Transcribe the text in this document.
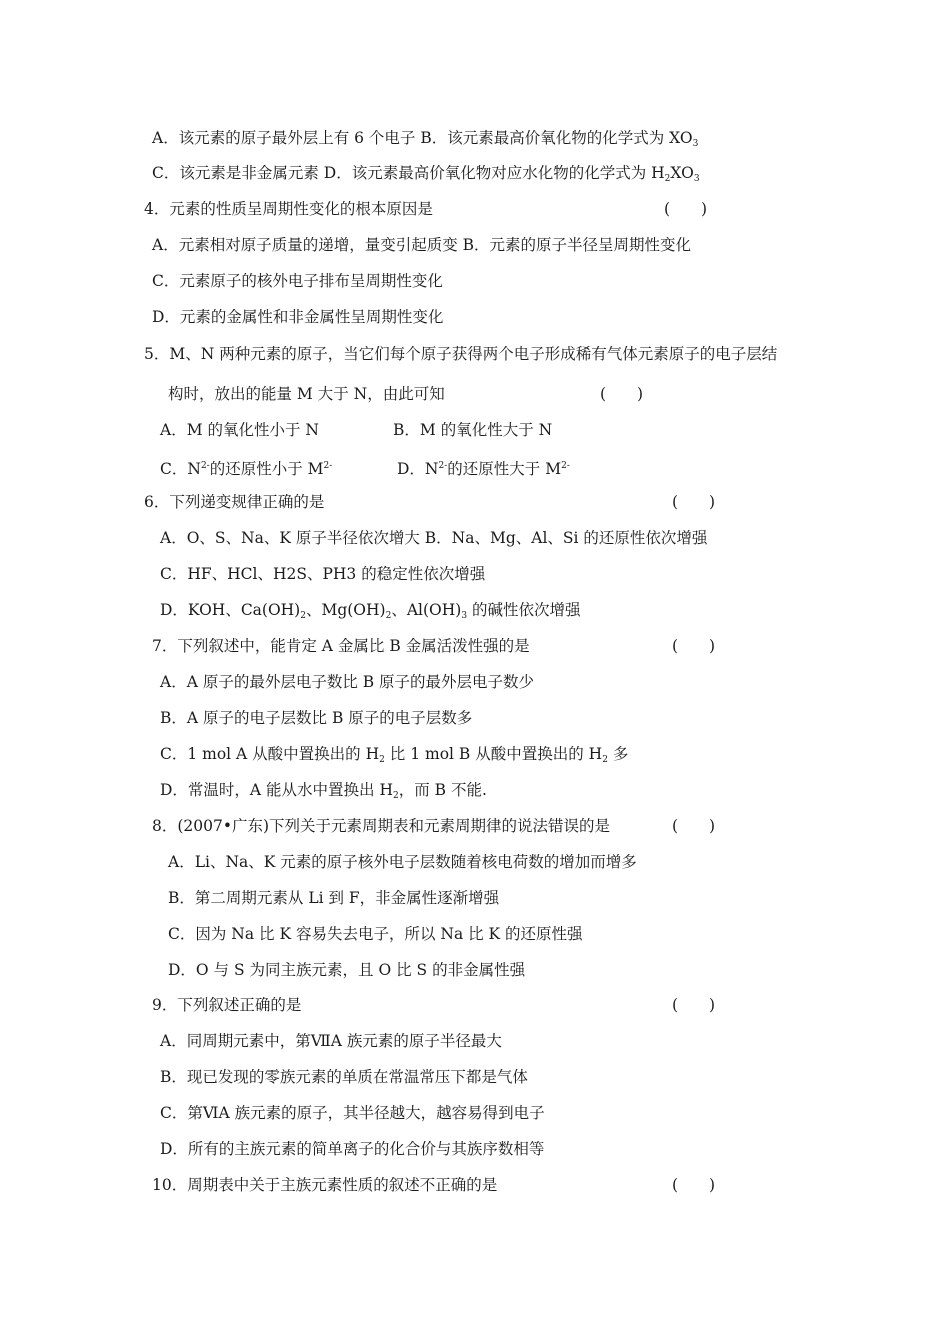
A．该元素的原子最外层上有 6 个电子 B．该元素最高价氧化物的化学式为 $XO_3$
C．该元素是非金属元素 D．该元素最高价氧化物对应水化物的化学式为 $H_2XO_3$
4．元素的性质呈周期性变化的根本原因是	(　　)
A．元素相对原子质量的递增，量变引起质变 B．元素的原子半径呈周期性变化
C．元素原子的核外电子排布呈周期性变化
D．元素的金属性和非金属性呈周期性变化
5．M、N 两种元素的原子，当它们每个原子获得两个电子形成稀有气体元素原子的电子层结
构时，放出的能量 M 大于 N，由此可知	(　　)
A．M 的氧化性小于 N	B．M 的氧化性大于 N
C．$N^{2-}$的还原性小于 $M^{2-}$	D．$N^{2-}$的还原性大于 $M^{2-}$
6．下列递变规律正确的是	(　　)
A．O、S、Na、K 原子半径依次增大 B．Na、Mg、Al、Si 的还原性依次增强
C．HF、HCl、H2S、PH3 的稳定性依次增强
D．KOH、$Ca(OH)_2$、$Mg(OH)_2$、$Al(OH)_3$ 的碱性依次增强
7．下列叙述中，能肯定 A 金属比 B 金属活泼性强的是	(　　)
A．A 原子的最外层电子数比 B 原子的最外层电子数少
B．A 原子的电子层数比 B 原子的电子层数多
C．1 mol A 从酸中置换出的 $H_2$ 比 1 mol B 从酸中置换出的 $H_2$ 多
D．常温时，A 能从水中置换出 $H_2$，而 B 不能.
8．(2007•广东)下列关于元素周期表和元素周期律的说法错误的是	(　　)
A．Li、Na、K 元素的原子核外电子层数随着核电荷数的增加而增多
B．第二周期元素从 Li 到 F，非金属性逐渐增强
C．因为 Na 比 K 容易失去电子，所以 Na 比 K 的还原性强
D．O 与 S 为同主族元素，且 O 比 S 的非金属性强
9．下列叙述正确的是	(　　)
A．同周期元素中，第ⅦA 族元素的原子半径最大
B．现已发现的零族元素的单质在常温常压下都是气体
C．第ⅥA 族元素的原子，其半径越大，越容易得到电子
D．所有的主族元素的简单离子的化合价与其族序数相等
10．周期表中关于主族元素性质的叙述不正确的是	(　　)
